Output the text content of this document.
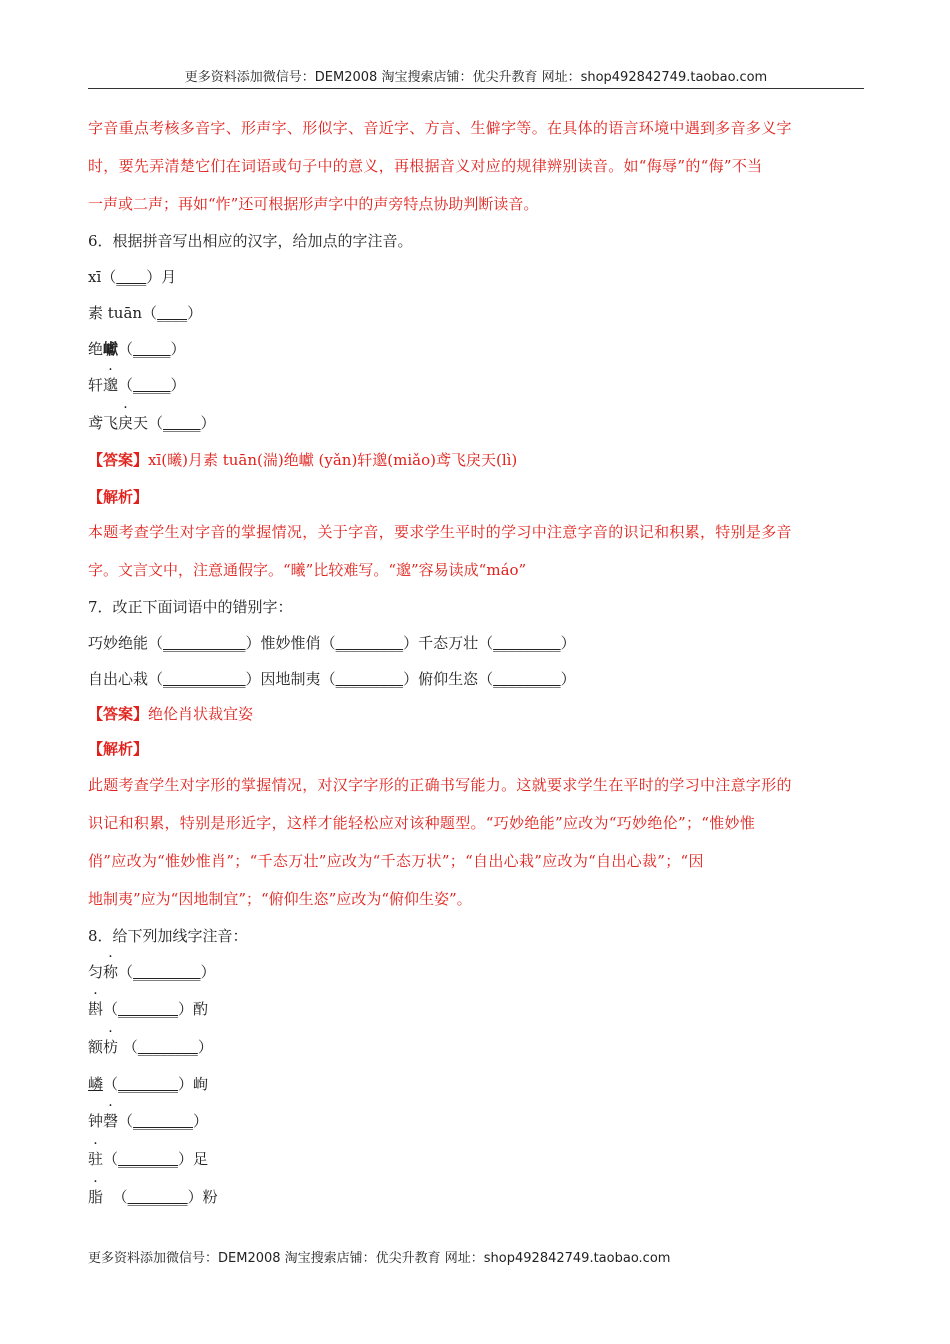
更多资料添加微信号：DEM2008 淘宝搜索店铺：优尖升教育 网址：shop492842749.taobao.com
字音重点考核多音字、形声字、形似字、音近字、方言、生僻字等。在具体的语言环境中遇到多音多义字
时，要先弄清楚它们在词语或句子中的意义，再根据音义对应的规律辨别读音。如“侮辱”的“侮”不当
一声或二声；再如“怍”还可根据形声字中的声旁特点协助判断读音。
6．根据拼音写出相应的汉字，给加点的字注音。
xī（____）月
素 tuān（____）
绝巘（_____）
轩邈（_____）
鸢飞戾天（_____）
【答案】xī(曦)月素 tuān(湍)绝巘 (yǎn)轩邈(miǎo)鸢飞戾天(lì)
【解析】
本题考查学生对字音的掌握情况，关于字音，要求学生平时的学习中注意字音的识记和积累，特别是多音
字。文言文中，注意通假字。“曦”比较难写。“邈”容易读成“máo”
7．改正下面词语中的错别字：
巧妙绝能（___________）惟妙惟俏（_________）千态万壮（_________）
自出心栽（___________）因地制夷（_________）俯仰生恣（_________）
【答案】绝伦肖状裁宜姿
【解析】
此题考查学生对字形的掌握情况，对汉字字形的正确书写能力。这就要求学生在平时的学习中注意字形的
识记和积累，特别是形近字，这样才能轻松应对该种题型。“巧妙绝能”应改为“巧妙绝伦”；“惟妙惟
俏”应改为“惟妙惟肖”；“千态万壮”应改为“千态万状”；“自出心栽”应改为“自出心裁”；“因
地制夷”应为“因地制宜”；“俯仰生恣”应改为“俯仰生姿”。
8．给下列加线字注音：
匀称（_________）
斟（________）酌
额枋 （________）
嶙（________）峋
钟磬（________）
驻（________）足
脂  （________）粉
更多资料添加微信号：DEM2008 淘宝搜索店铺：优尖升教育 网址：shop492842749.taobao.com
